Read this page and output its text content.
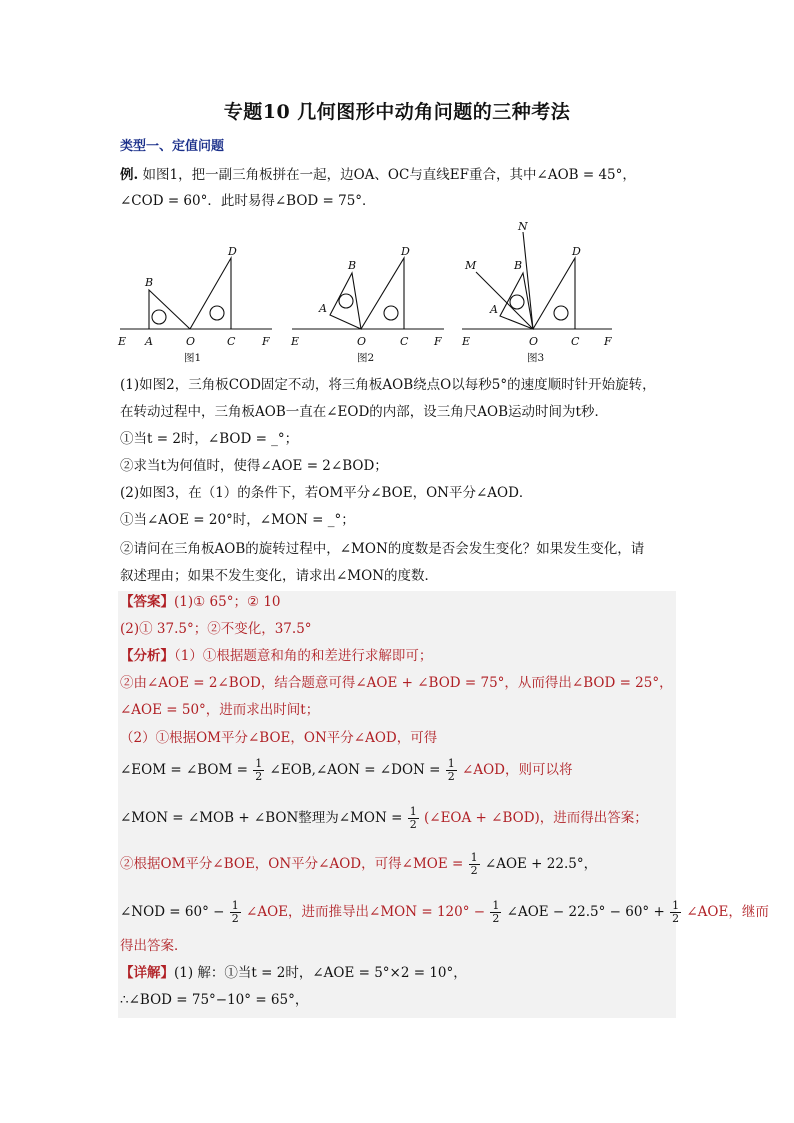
专题10 几何图形中动角问题的三种考法
类型一、定值问题
例. 如图1，把一副三角板拼在一起，边OA、OC与直线EF重合，其中∠AOB = 45°，
∠COD = 60°．此时易得∠BOD = 75°．
E A	O	C F
B
D
E	O	C F
A
B
D
E	O	C F
A
B
D
M
N
图1	图2	图3
(1)如图2，三角板COD固定不动，将三角板AOB绕点O以每秒5°的速度顺时针开始旋转，
在转动过程中，三角板AOB一直在∠EOD的内部，设三角尺AOB运动时间为t秒．
①当t = 2时，∠BOD = _°；
②求当t为何值时，使得∠AOE = 2∠BOD；
(2)如图3，在（1）的条件下，若OM平分∠BOE，ON平分∠AOD．
①当∠AOE = 20°时，∠MON = _°；
②请问在三角板AOB的旋转过程中，∠MON的度数是否会发生变化？如果发生变化，请
叙述理由；如果不发生变化，请求出∠MON的度数．
【答案】(1)① 65°；② 10
(2)① 37.5°；②不变化，37.5°
【分析】（1）①根据题意和角的和差进行求解即可；
②由∠AOE = 2∠BOD，结合题意可得∠AOE + ∠BOD = 75°，从而得出∠BOD = 25°，
∠AOE = 50°，进而求出时间t；
（2）①根据OM平分∠BOE，ON平分∠AOD，可得
∠EOM = ∠BOM = $\frac{1}{2}$ ∠EOB,∠AON = ∠DON = $\frac{1}{2}$ ∠AOD，则可以将
∠MON = ∠MOB + ∠BON整理为∠MON = $\frac{1}{2}$ (∠EOA + ∠BOD)，进而得出答案；
②根据OM平分∠BOE，ON平分∠AOD，可得∠MOE = $\frac{1}{2}$ ∠AOE + 22.5°，
∠NOD = $60^\circ - \frac{1}{2}$ ∠AOE，进而推导出∠MON = $120^\circ - \frac{1}{2}$ ∠AOE − $22.5^\circ - 60^\circ + \frac{1}{2}$ ∠AOE，继而
得出答案．
【详解】(1) 解：①当t = 2时，∠AOE = 5°×2 = 10°，
∴∠BOD = 75°−10° = 65°，
